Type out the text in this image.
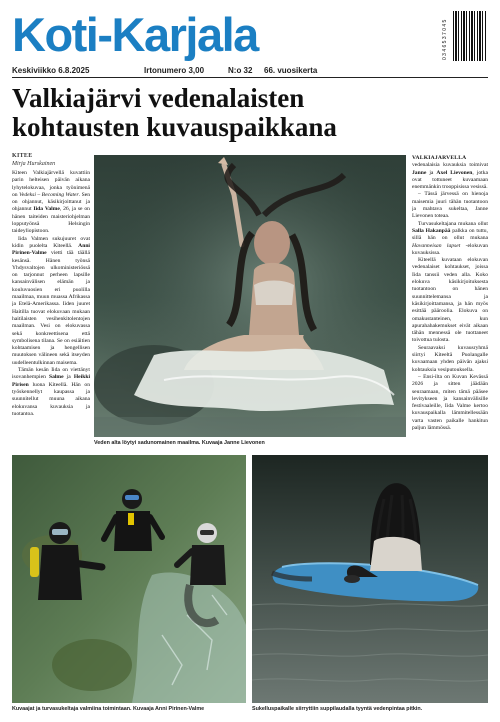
Koti-Karjala	0 3 4 6 5 3 7 0 4 5
Keskiviikko 6.8.2025	Irtonumero 3,00	N:o 32 66. vuosikerta
Valkiajärvi vedenalaisten
kohtausten kuvauspaikkana
KITEE
Mirja Hurskainen

Kiteen Valkiajärvellä kuvattiin parin helteisen päivän aikana lyhytelokuvaa, jonka työnimenä on Vedeksi – Becoming Water. Sen on ohjannut, käsikirjoittanut ja ohjannut Iida Valme, 26, ja se on hänen taiteiden maisteriohjelman lopputyönsä Helsingin taideyliopistoon.

Iida Valmen sukujuuret ovat kidin puolelta Kiteellä. Anni Pirinen-Valme vietti tää täällä kesänsä. Hänen työnsä Yhdysvaltojen ulkoministeriössä on tarjonnut perheen lapsille kansainvälisen elämän ja kouluvuosien eri puolilla maailmaa, muun muassa Afrikassa ja Etelä-Amerikassa. Iiden juuret Haitilla tuovat elokuvaan mukaan haitilaisten vesihenkitolentojen maailman. Vesi on elokuvassa sekä konkreettisena että symbolisena tilana. Se on esiäitien kohtaamisen ja hengellisen muutoksen välineen sekä itseyden uudelleentulkinnan maisema.

Tämän kesän Iida on viettänyt isovanhempien Salme ja Heikki Pirisen luona Kiteellä. Hän on työskennellyt kaupassa ja suunnitellut muuna aikana elokuvansa kuvauksia ja tuotantoa.

Veden alta löytyi sadunomainen maailma. Kuvaaja Janne Lievonen

VALKIAJÄRVELLÄ vedenalaisia kuvauksia toimivat Janne ja Axel Lievonen, jotka ovat tottuneet kuvaamaan enemmänkin trooppisissa vesissä.

– Tässä järvessä on hienoja maisemia juuri tähän tuotantoon ja mahtava sukeltaa, Janne Lievonen toteaa.

Turvasukeltajana mukana ollut Salla Hakanpää palkka on tuttu, sillä hän on ollut mukana Havanneisan lapset -elokuvan kuvauksissa.

Kiteellä kuvataan elokuvan vedenalaiset kohtaukset, joissa Iida tanssii veden alla. Koko elokuva käsikirjoituksesta tuotantoon on hänen suunnittelemansa ja käsikirjoittamansa, ja hän myös esittää pääroolia. Elokuva on omakustanteinen, kun apurahahakemukset eivät aikaan tähän mennessä ole tuottaneet toivottua tulosta.

Seuraavaksi kuvausryhmä siirtyi Kiteeltä Puolangalle kuvaamaan yhden päivän ajaksi kohtauksia vesiputouksella.

– Ensi-ilta on Kuvan Kevässä 2026 ja sitten jäädään seuraamaan, miten tämä pääsee levitykseen ja kansainvälisille festivaaleille, Iida Valme kertoo kuvauspaikalla lämmitellessään varta vasten paikalle hankitun paljun lämmössä.

Kuvaajat ja turvasukeltaja valmiina toimintaan. Kuvaaja Anni Pirinen-Valme	Sukelluspaikalle siirryttiin suppilaudalla tyyntä vedenpintaa pitkin.
